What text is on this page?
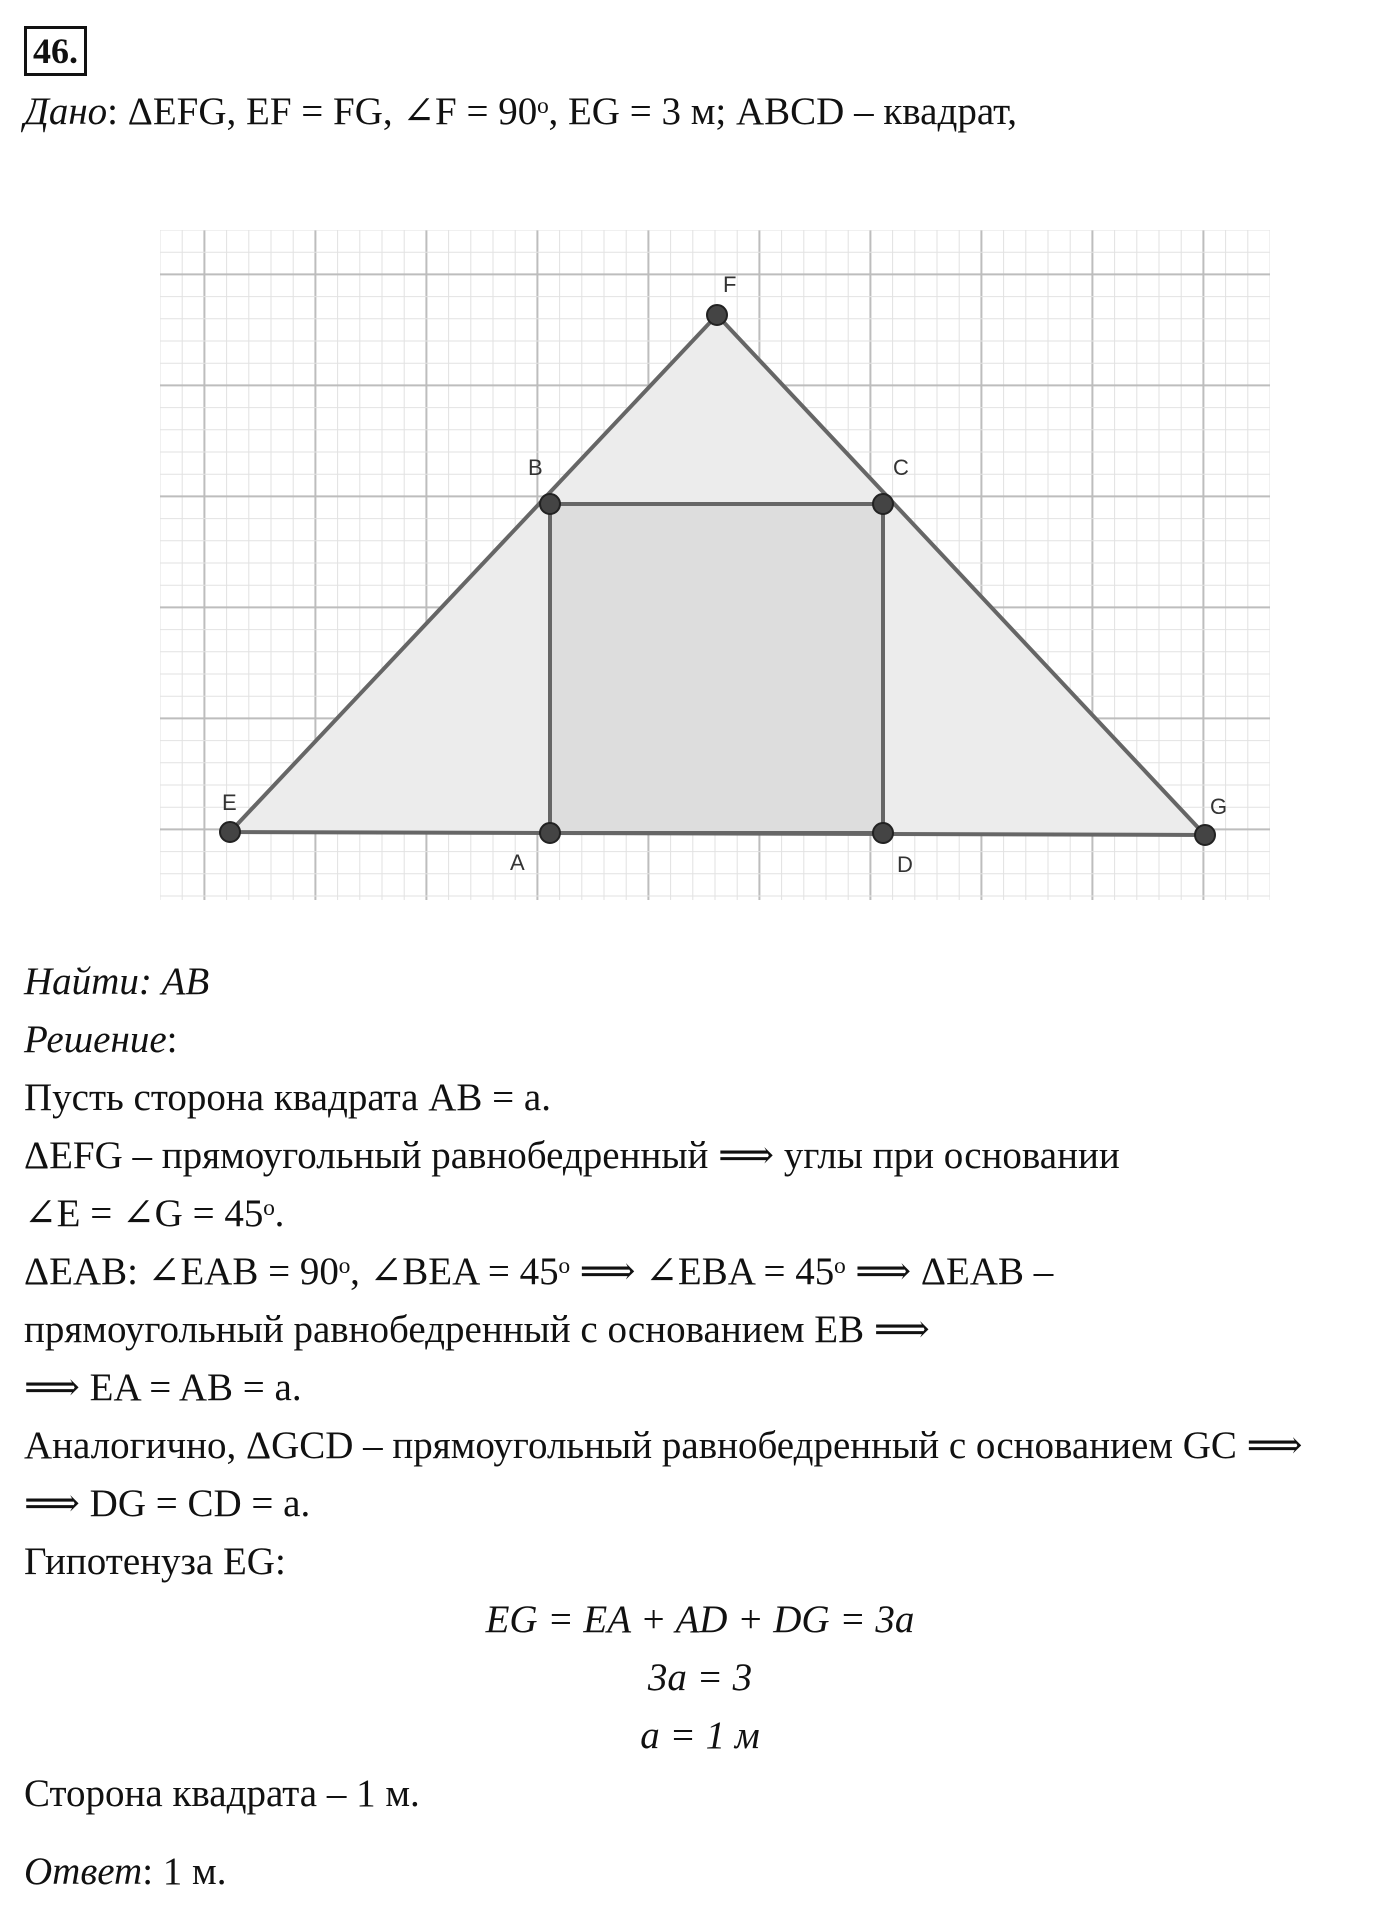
46.
Дано: ΔEFG, EF = FG, ∠F = 90ᵒ, EG = 3 м; ABCD – квадрат,
E
F
G
A
B	C
D
Найти: AB
Решение:
Пусть сторона квадрата AB = a.
ΔEFG – прямоугольный равнобедренный ⟹ углы при основании
∠E = ∠G = 45ᵒ.
ΔEAB: ∠EAB = 90ᵒ, ∠BEA = 45ᵒ ⟹ ∠EBA = 45ᵒ ⟹ ΔEAB –
прямоугольный равнобедренный с основанием EB ⟹
⟹ EA = AB = a.
Аналогично, ΔGCD – прямоугольный равнобедренный с основанием GC ⟹
⟹ DG = CD = a.
Гипотенуза EG:
EG = EA + AD + DG = 3a
3a = 3
a = 1 м
Сторона квадрата – 1 м.
Ответ: 1 м.
